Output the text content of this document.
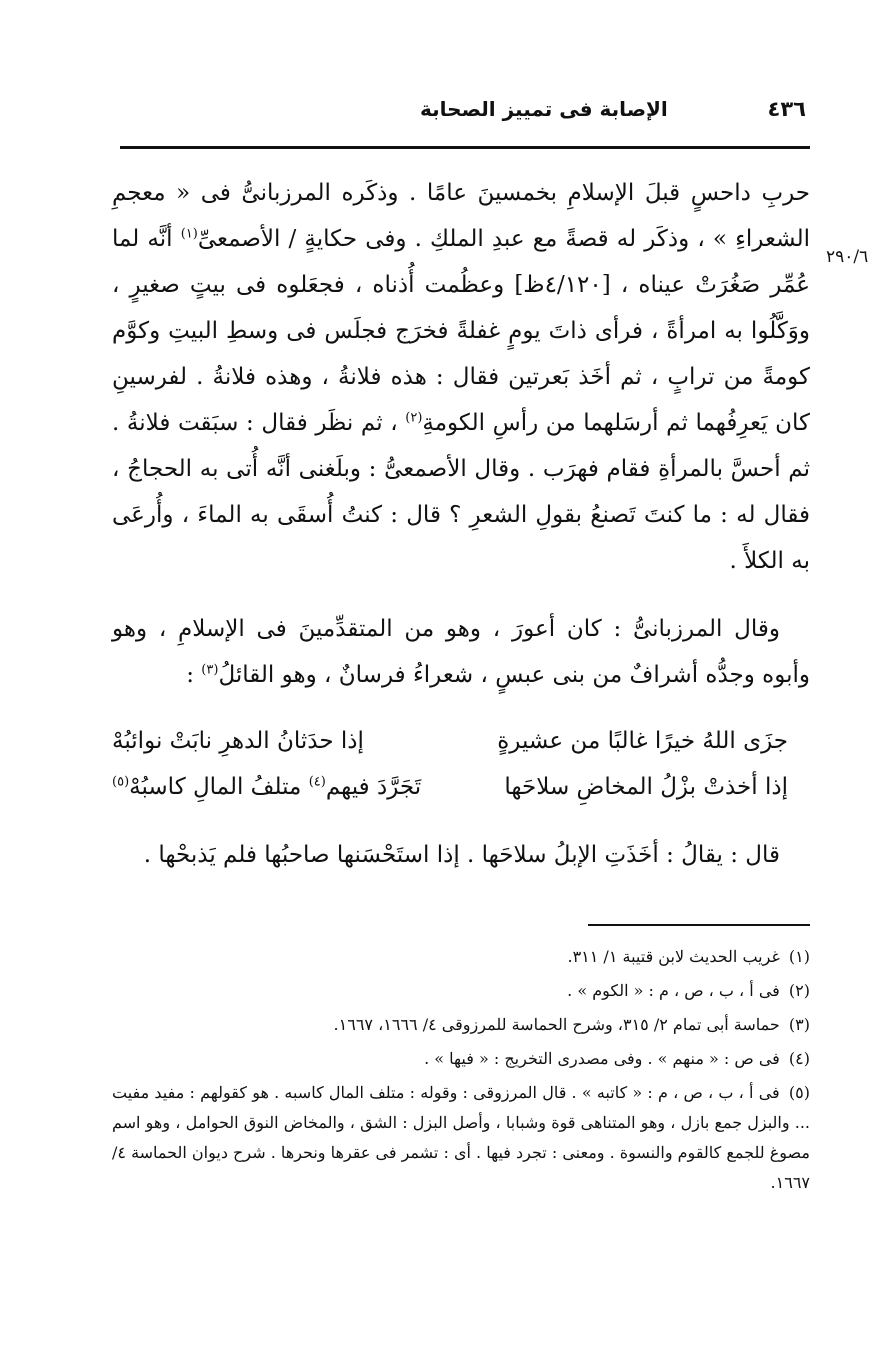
الإصابة فى تمييز الصحابة	٤٣٦
٢٩٠/٦

حربِ داحسٍ قبلَ الإسلامِ بخمسينَ عامًا . وذكَره المرزبانىُّ فى « معجمِ الشعراءِ » ، وذكَر له قصةً مع عبدِ الملكِ . وفى حكايةٍ / الأصمعىِّ$^{(١)}$ أنَّه لما عُمِّر صَغُرَتْ عيناه ، [٤/١٢٠ظ] وعظُمت أُذناه ، فجعَلوه فى بيتٍ صغيرٍ ، ووَكَّلُوا به امرأةً ، فرأى ذاتَ يومٍ غفلةً فخرَج فجلَس فى وسطِ البيتِ وكوَّم كومةً من ترابٍ ، ثم أخَذ بَعرتين فقال : هذه فلانةُ ، وهذه فلانةُ . لفرسينِ كان يَعرِفُهما ثم أرسَلهما من رأسِ الكومةِ$^{(٢)}$ ، ثم نظَر فقال : سبَقت فلانةُ . ثم أحسَّ بالمرأةِ فقام فهرَب . وقال الأصمعىُّ : وبلَغنى أنَّه أُتى به الحجاجُ ، فقال له : ما كنتَ تَصنعُ بقولِ الشعرِ ؟ قال : كنتُ أُسقَى به الماءَ ، وأُرعَى به الكلأَ .

وقال المرزبانىُّ : كان أعورَ ، وهو من المتقدِّمينَ فى الإسلامِ ، وهو وأبوه وجدُّه أشرافٌ من بنى عبسٍ ، شعراءُ فرسانٌ ، وهو القائلُ$^{(٣)}$ :

جزَى اللهُ خيرًا غالبًا من عشيرةٍ
إذا حدَثانُ الدهرِ نابَتْ نوائبُهْ
إذا أخذتْ بزْلُ المخاضِ سلاحَها
تَجَرَّدَ فيهم$^{(٤)}$ متلفُ المالِ كاسبُهْ$^{(٥)}$

قال : يقالُ : أخَذَتِ الإبلُ سلاحَها . إذا استَحْسَنها صاحبُها فلم يَذبحْها .

(١) غريب الحديث لابن قتيبة ١/ ٣١١.

(٢) فى أ ، ب ، ص ، م : « الكوم » .

(٣) حماسة أبى تمام ٢/ ٣١٥، وشرح الحماسة للمرزوقى ٤/ ١٦٦٦، ١٦٦٧.

(٤) فى ص : « منهم » . وفى مصدرى التخريج : « فيها » .

(٥) فى أ ، ب ، ص ، م : « كاتبه » . قال المرزوقى : وقوله : متلف المال كاسبه . هو كقولهم : مفيد مفيت ... والبزل جمع بازل ، وهو المتناهى قوة وشبابا ، وأصل البزل : الشق ، والمخاض النوق الحوامل ، وهو اسم مصوغ للجمع كالقوم والنسوة . ومعنى : تجرد فيها . أى : تشمر فى عقرها ونحرها . شرح ديوان الحماسة ٤/ ١٦٦٧.
